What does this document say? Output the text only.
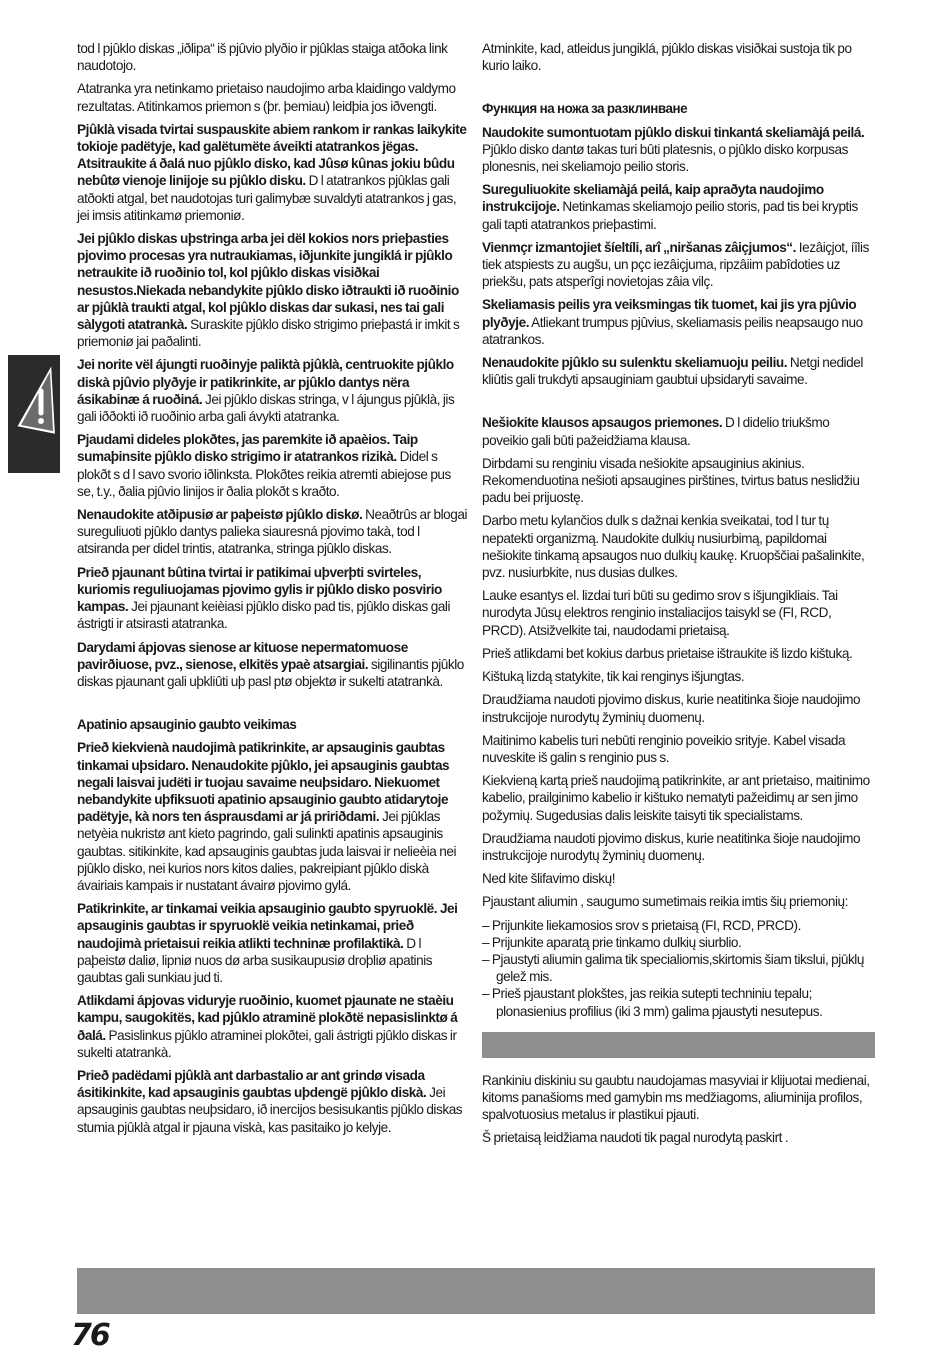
tod l pjûklo diskas „iðlipa“ iš pjûvio plyðio ir pjûklas staiga atðoka link naudotojo.

Atatranka yra netinkamo prietaiso naudojimo arba klaidingo valdymo rezultatas. Atitinkamos priemon s (þr. þemiau) leidþia jos iðvengti.

Pjûklà visada tvirtai suspauskite abiem rankom ir rankas laikykite tokioje padëtyje, kad galëtumëte áveikti atatrankos jëgas. Atsitraukite á ðalá nuo pjûklo disko, kad Jûsø kûnas jokiu bûdu nebûtø vienoje linijoje su pjûklo disku. D l atatrankos pjûklas gali atðokti atgal, bet naudotojas turi galimybæ suvaldyti atatrankos j gas, jei imsis atitinkamø priemoniø.

Jei pjûklo diskas uþstringa arba jei dël kokios nors prieþasties pjovimo procesas yra nutraukiamas, iðjunkite jungiklá ir pjûklo netraukite ið ruoðinio tol, kol pjûklo diskas visiðkai nesustos.Niekada nebandykite pjûklo disko iðtraukti ið ruoðinio ar pjûklà traukti atgal, kol pjûklo diskas dar sukasi, nes tai gali sàlygoti atatrankà. Suraskite pjûklo disko strigimo prieþastá ir imkit s priemoniø jai paðalinti.

Jei norite vël ájungti ruoðinyje paliktà pjûklà, centruokite pjûklo diskà pjûvio plyðyje ir patikrinkite, ar pjûklo dantys nëra ásikabinæ á ruoðiná. Jei pjûklo diskas stringa, v l ájungus pjûklà, jis gali iððokti ið ruoðinio arba gali ávykti atatranka.

Pjaudami dideles plokðtes, jas paremkite ið apaèios. Taip sumaþinsite pjûklo disko strigimo ir atatrankos rizikà. Didel s plokðt s d l savo svorio iðlinksta. Plokðtes reikia atremti abiejose pus se, t.y., ðalia pjûvio linijos ir ðalia plokðt s kraðto.

Nenaudokite atðipusiø ar paþeistø pjûklo diskø. Neaðtrûs ar blogai sureguliuoti pjûklo dantys palieka siauresná pjovimo takà, tod l atsiranda per didel trintis, atatranka, stringa pjûklo diskas.

Prieð pjaunant bûtina tvirtai ir patikimai uþverþti svirteles, kuriomis reguliuojamas pjovimo gylis ir pjûklo disko posvirio kampas. Jei pjaunant keièiasi pjûklo disko pad tis, pjûklo diskas gali ástrigti ir atsirasti atatranka.

Darydami ápjovas sienose ar kituose nepermatomuose pavirðiuose, pvz., sienose, elkitës ypaè atsargiai. sigilinantis pjûklo diskas pjaunant gali uþkliûti uþ pasl ptø objektø ir sukelti atatrankà.

Apatinio apsauginio gaubto veikimas

Prieð kiekvienà naudojimà patikrinkite, ar apsauginis gaubtas tinkamai uþsidaro. Nenaudokite pjûklo, jei apsauginis gaubtas negali laisvai judëti ir tuojau savaime neuþsidaro. Niekuomet nebandykite uþfiksuoti apatinio apsauginio gaubto atidarytoje padëtyje, kà nors ten ásprausdami ar já pririðdami. Jei pjûklas netyèia nukristø ant kieto pagrindo, gali sulinkti apatinis apsauginis gaubtas. sitikinkite, kad apsauginis gaubtas juda laisvai ir nelieèia nei pjûklo disko, nei kurios nors kitos dalies, pakreipiant pjûklo diskà ávairiais kampais ir nustatant ávairø pjovimo gylá.

Patikrinkite, ar tinkamai veikia apsauginio gaubto spyruoklë. Jei apsauginis gaubtas ir spyruoklë veikia netinkamai, prieð naudojimà prietaisui reikia atlikti techninæ profilaktikà. D l paþeistø daliø, lipniø nuos dø arba susikaupusiø droþliø apatinis gaubtas gali sunkiau jud ti.

Atlikdami ápjovas viduryje ruoðinio, kuomet pjaunate ne staèiu kampu, saugokitës, kad pjûklo atraminë plokðtë nepasislinktø á ðalá. Pasislinkus pjûklo atraminei plokðtei, gali ástrigti pjûklo diskas ir sukelti atatrankà.

Prieð padëdami pjûklà ant darbastalio ar ant grindø visada ásitikinkite, kad apsauginis gaubtas uþdengë pjûklo diskà. Jei apsauginis gaubtas neuþsidaro, ið inercijos besisukantis pjûklo diskas stumia pjûklà atgal ir pjauna viskà, kas pasitaiko jo kelyje.

Atminkite, kad, atleidus jungiklá, pjûklo diskas visiðkai sustoja tik po kurio laiko.

Функция на ножа за разклинване

Naudokite sumontuotam pjûklo diskui tinkantá skeliamàjá peilá. Pjûklo disko dantø takas turi bûti platesnis, o pjûklo disko korpusas plonesnis, nei skeliamojo peilio storis.

Sureguliuokite skeliamàjá peilá, kaip apraðyta naudojimo instrukcijoje. Netinkamas skeliamojo peilio storis, pad tis bei kryptis gali tapti atatrankos prieþastimi.

Vienmçr izmantojiet šíeltíli, arî „niršanas zâiçjumos“. Iezâiçjot, íîlis tiek atspiests zu augšu, un pçc iezâiçjuma, ripzâiim pabîdoties uz priekšu, pats atsperîgi novietojas zâia vilç.

Skeliamasis peilis yra veiksmingas tik tuomet, kai jis yra pjûvio plyðyje. Atliekant trumpus pjûvius, skeliamasis peilis neapsaugo nuo atatrankos.

Nenaudokite pjûklo su sulenktu skeliamuoju peiliu. Netgi nedidel kliûtis gali trukdyti apsauginiam gaubtui uþsidaryti savaime.

Nešiokite klausos apsaugos priemones. D l didelio triukšmo poveikio gali būti pažeidžiama klausa.

Dirbdami su renginiu visada nešiokite apsauginius akinius. Rekomenduotina nešioti apsaugines pirštines, tvirtus batus neslidžiu padu bei prijuostę.

Darbo metu kylančios dulk s dažnai kenkia sveikatai, tod l tur tų nepatekti organizmą. Naudokite dulkių nusiurbimą, papildomai nešiokite tinkamą apsaugos nuo dulkių kaukę. Kruopščiai pašalinkite, pvz. nusiurbkite, nus dusias dulkes.

Lauke esantys el. lizdai turi būti su gedimo srov s išjungikliais. Tai nurodyta Jūsų elektros renginio instaliacijos taisykl se (FI, RCD, PRCD). Atsižvelkite tai, naudodami prietaisą.

Prieš atlikdami bet kokius darbus prietaise ištraukite iš lizdo kištuką.

Kištuką lizdą statykite, tik kai renginys išjungtas.

Draudžiama naudoti pjovimo diskus, kurie neatitinka šioje naudojimo instrukcijoje nurodytų žyminių duomenų.

Maitinimo kabelis turi nebūti renginio poveikio srityje. Kabel visada nuveskite iš galin s renginio pus s.

Kiekvieną kartą prieš naudojimą patikrinkite, ar ant prietaiso, maitinimo kabelio, prailginimo kabelio ir kištuko nematyti pažeidimų ar sen jimo požymių. Sugedusias dalis leiskite taisyti tik specialistams.

Draudžiama naudoti pjovimo diskus, kurie neatitinka šioje naudojimo instrukcijoje nurodytų žyminių duomenų.

Ned kite šlifavimo diskų!

Pjaustant aliumin , saugumo sumetimais reikia imtis šių priemonių:

– Prijunkite liekamosios srov s prietaisą (FI, RCD, PRCD).
– Prijunkite aparatą prie tinkamo dulkių siurblio.
– Pjaustyti aliumin galima tik specialiomis,skirtomis šiam tikslui, pjūklų gelež mis.
– Prieš pjaustant plokštes, jas reikia sutepti techniniu tepalu; plonasienius profilius (iki 3 mm) galima pjaustyti nesutepus.

Rankiniu diskiniu su gaubtu naudojamas masyviai ir klijuotai medienai, kitoms panašioms med gamybin ms medžiagoms, aliuminija profilos, spalvotuosius metalus ir plastikui pjauti.

Š prietaisą leidžiama naudoti tik pagal nurodytą paskirt .

76
